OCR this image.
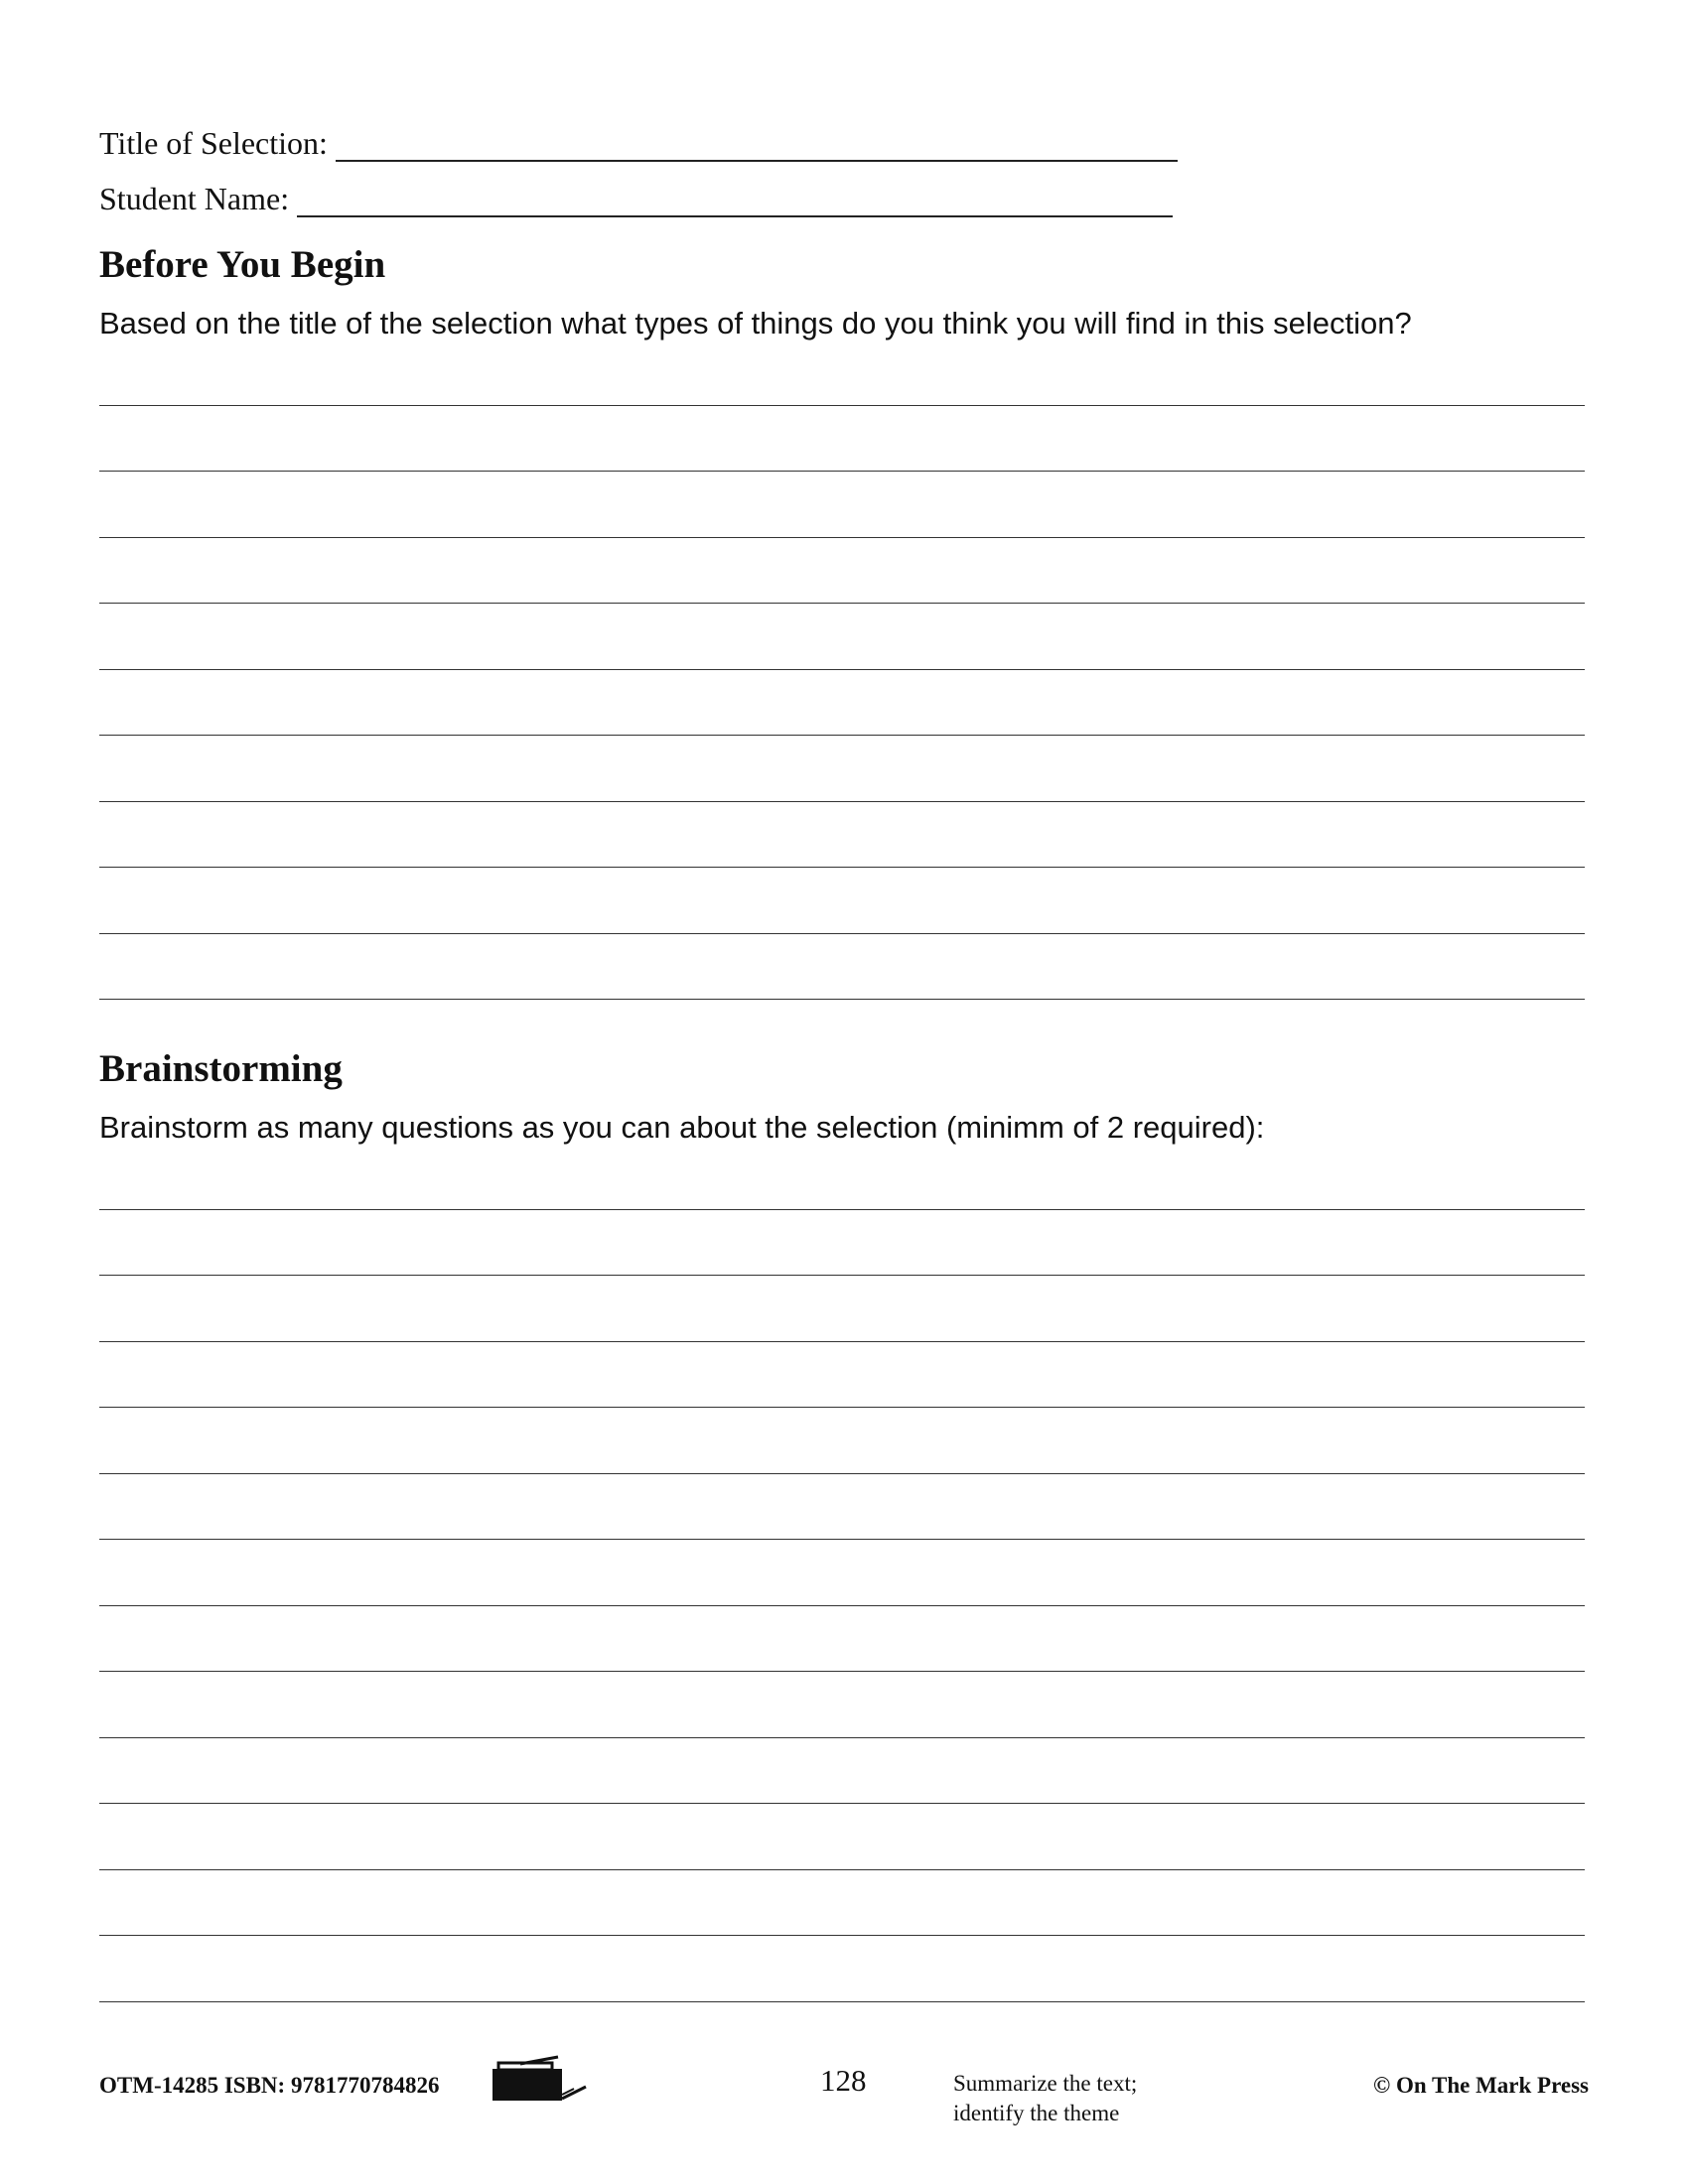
Title of Selection:
Student Name:
Before You Begin

Based on the title of the selection what types of things do you think you will find in this selection?

Brainstorming

Brainstorm as many questions as you can about the selection (minimm of 2 required):

OTM-14285 ISBN: 9781770784826	128	Summarize the text;
identify the theme
© On The Mark Press
